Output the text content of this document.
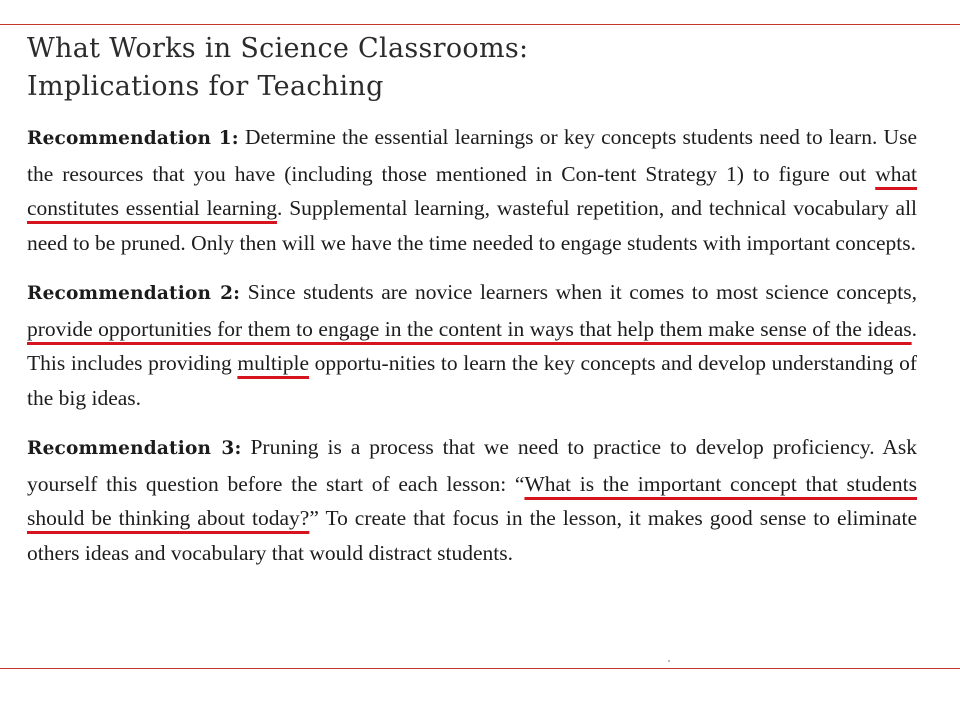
What Works in Science Classrooms:
Implications for Teaching

Recommendation 1: Determine the essential learnings or key concepts students need to learn. Use the resources that you have (including those mentioned in Con-tent Strategy 1) to figure out what constitutes essential learning. Supplemental learning, wasteful repetition, and technical vocabulary all need to be pruned. Only then will we have the time needed to engage students with important concepts.

Recommendation 2: Since students are novice learners when it comes to most science concepts, provide opportunities for them to engage in the content in ways that help them make sense of the ideas. This includes providing multiple opportu-nities to learn the key concepts and develop understanding of the big ideas.

Recommendation 3: Pruning is a process that we need to practice to develop proficiency. Ask yourself this question before the start of each lesson: “What is the important concept that students should be thinking about today?” To create that focus in the lesson, it makes good sense to eliminate others ideas and vocabulary that would distract students.
